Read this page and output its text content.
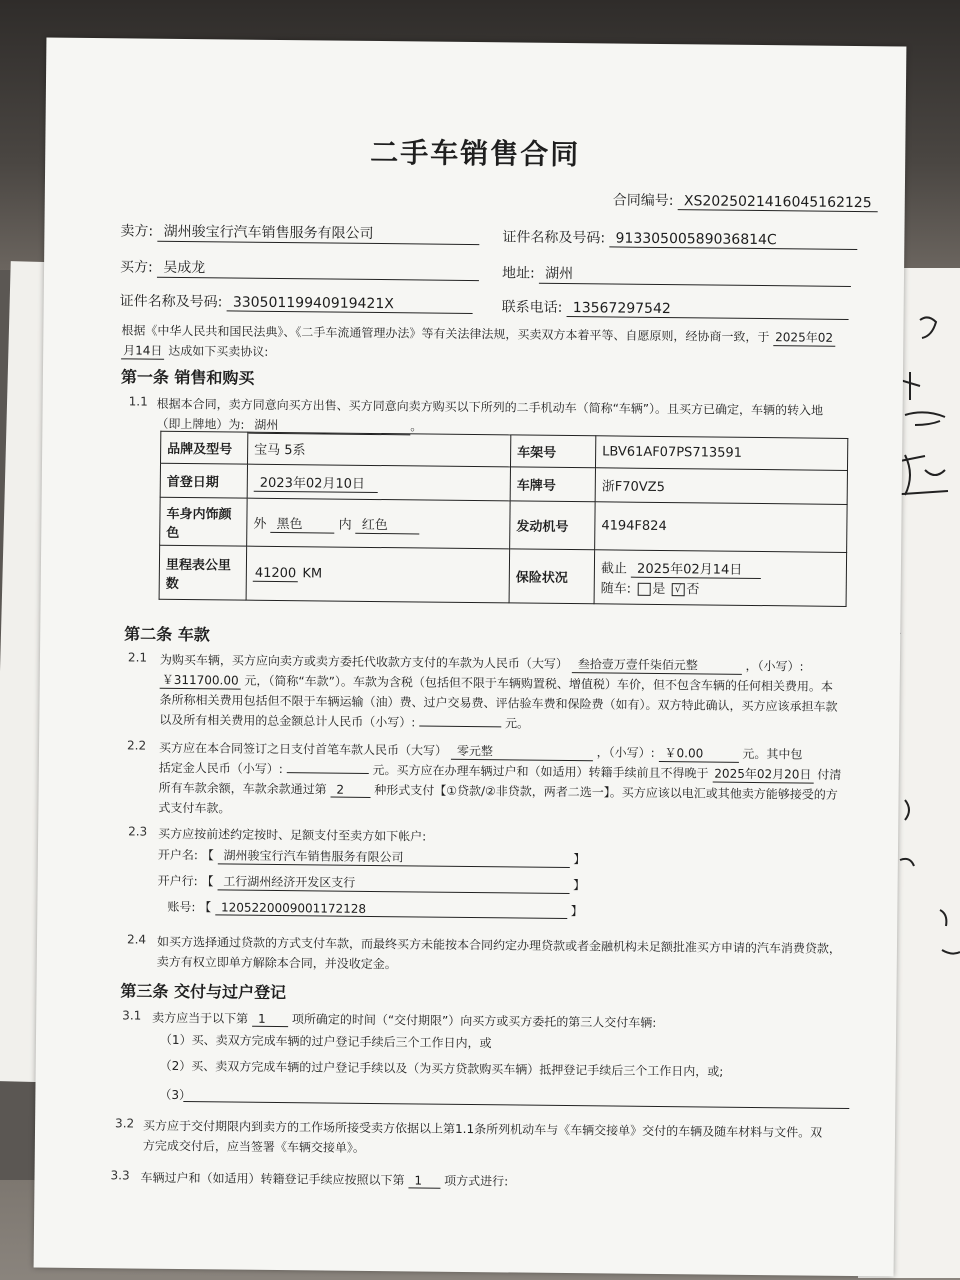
二手车销售合同
合同编号: XS2025021416045162125
卖方: 湖州骏宝行汽车销售服务有限公司	证件名称及号码: 91330500589036814C
买方: 吴成龙	地址: 湖州
证件名称及号码: 33050119940919421X	联系电话: 13567297542
根据《中华人民共和国民法典》、《二手车流通管理办法》等有关法律法规，买卖双方本着平等、自愿原则，经协商一致，于 2025年02
月14日 达成如下买卖协议:
第一条 销售和购买
1.1 根据本合同，卖方同意向买方出售、买方同意向卖方购买以下所列的二手机动车（简称“车辆”）。且买方已确定，车辆的转入地
（即上牌地）为: 湖州	。
品牌及型号	宝马 5系	车架号	LBV61AF07PS713591
首登日期	2023年02月10日	车牌号	浙F70VZ5
车身内饰颜色	外 黑色 内 红色	发动机号	4194F824
里程表公里数	41200 KM	保险状况	截止 2025年02月14日
随车: 是 √ 否
第二条 车款
2.1 为购买车辆，买方应向卖方或卖方委托代收款方支付的车款为人民币（大写） 叁拾壹万壹仟柒佰元整	，（小写）:
￥311700.00 元，（简称“车款”）。车款为含税（包括但不限于车辆购置税、增值税）车价，但不包含车辆的任何相关费用。本
条所称相关费用包括但不限于车辆运输（油）费、过户交易费、评估验车费和保险费（如有）。双方特此确认，买方应该承担车款
以及所有相关费用的总金额总计人民币（小写）:	元。
2.2 买方应在本合同签订之日支付首笔车款人民币（大写） 零元整	，（小写）: ￥0.00	元。其中包
括定金人民币（小写）:	元。买方应在办理车辆过户和（如适用）转籍手续前且不得晚于 2025年02月20日 付清
所有车款余额，车款余款通过第 2	种形式支付【①贷款/②非贷款，两者二选一】。买方应该以电汇或其他卖方能够接受的方
式支付车款。
2.3 买方应按前述约定按时、足额支付至卖方如下帐户:
开户名: 【 湖州骏宝行汽车销售服务有限公司	】
开户行: 【 工行湖州经济开发区支行	】
账号: 【 1205220009001172128	】
2.4 如买方选择通过贷款的方式支付车款，而最终买方未能按本合同约定办理贷款或者金融机构未足额批准买方申请的汽车消费贷款，
卖方有权立即单方解除本合同，并没收定金。
第三条 交付与过户登记
3.1 卖方应当于以下第 1 项所确定的时间（“交付期限”）向买方或买方委托的第三人交付车辆:
（1）买、卖双方完成车辆的过户登记手续后三个工作日内，或
（2）买、卖双方完成车辆的过户登记手续以及（为买方贷款购买车辆）抵押登记手续后三个工作日内，或;
（3）
3.2 买方应于交付期限内到卖方的工作场所接受卖方依据以上第1.1条所列机动车与《车辆交接单》交付的车辆及随车材料与文件。双
方完成交付后，应当签署《车辆交接单》。
3.3 车辆过户和（如适用）转籍登记手续应按照以下第 1 项方式进行:
